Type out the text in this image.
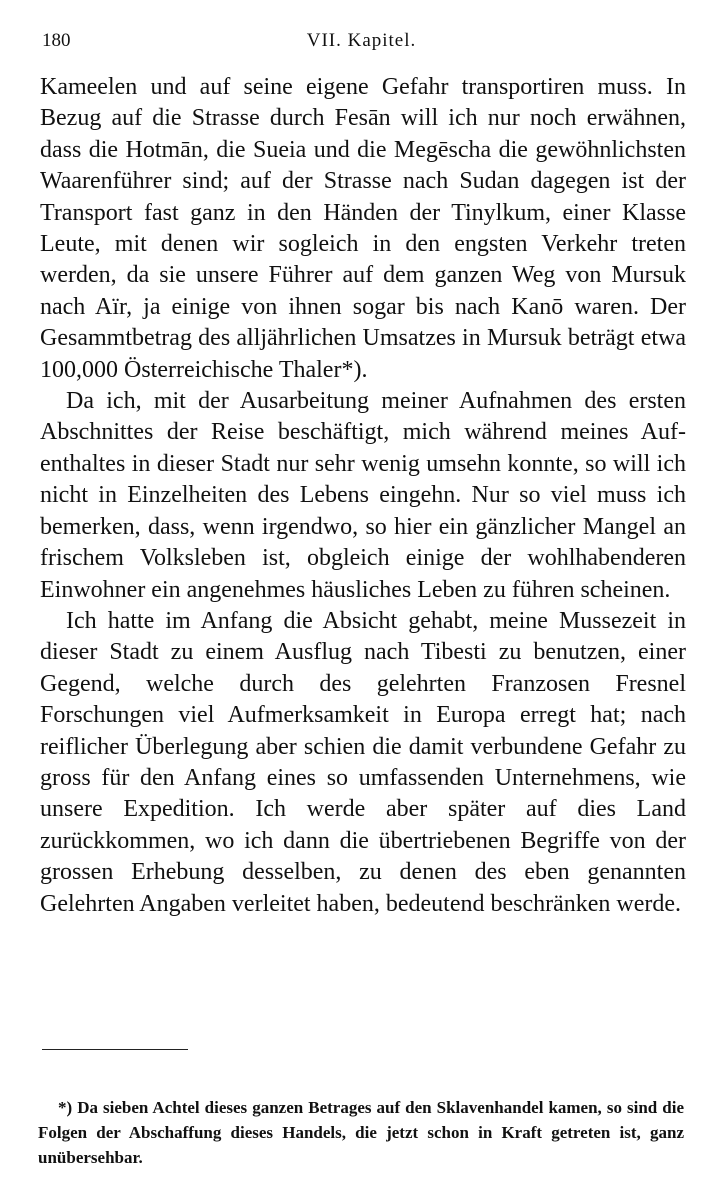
180	VII. Kapitel.

Kameelen und auf seine eigene Gefahr transportiren muss. In Bezug auf die Strasse durch Fesān will ich nur noch erwähnen, dass die Hotmān, die Sueia und die Megēscha die gewöhnlichsten Waarenführer sind; auf der Strasse nach Sudan dagegen ist der Transport fast ganz in den Händen der Tinylkum, einer Klasse Leute, mit denen wir sogleich in den engsten Verkehr treten werden, da sie unsere Führer auf dem ganzen Weg von Mursuk nach Aïr, ja einige von ihnen sogar bis nach Kanō waren. Der Gesammtbetrag des alljährlichen Umsatzes in Mursuk beträgt etwa 100,000 Österreichische Thaler*).

Da ich, mit der Ausarbeitung meiner Aufnahmen des ersten Abschnittes der Reise beschäftigt, mich während meines Aufenthaltes in dieser Stadt nur sehr wenig umsehn konnte, so will ich nicht in Einzelheiten des Lebens eingehn. Nur so viel muss ich bemerken, dass, wenn irgendwo, so hier ein gänzlicher Mangel an frischem Volksleben ist, obgleich einige der wohlhabenderen Einwohner ein angenehmes häusliches Leben zu führen scheinen.

Ich hatte im Anfang die Absicht gehabt, meine Mussezeit in dieser Stadt zu einem Ausflug nach Tibesti zu benutzen, einer Gegend, welche durch des gelehrten Franzosen Fresnel Forschungen viel Aufmerksamkeit in Europa erregt hat; nach reiflicher Überlegung aber schien die damit verbundene Gefahr zu gross für den Anfang eines so umfassenden Unternehmens, wie unsere Expedition. Ich werde aber später auf dies Land zurückkommen, wo ich dann die übertriebenen Begriffe von der grossen Erhebung desselben, zu denen des eben genannten Gelehrten Angaben verleitet haben, bedeutend beschränken werde.

*) Da sieben Achtel dieses ganzen Betrages auf den Sklavenhandel kamen, so sind die Folgen der Abschaffung dieses Handels, die jetzt schon in Kraft getreten ist, ganz unübersehbar.
